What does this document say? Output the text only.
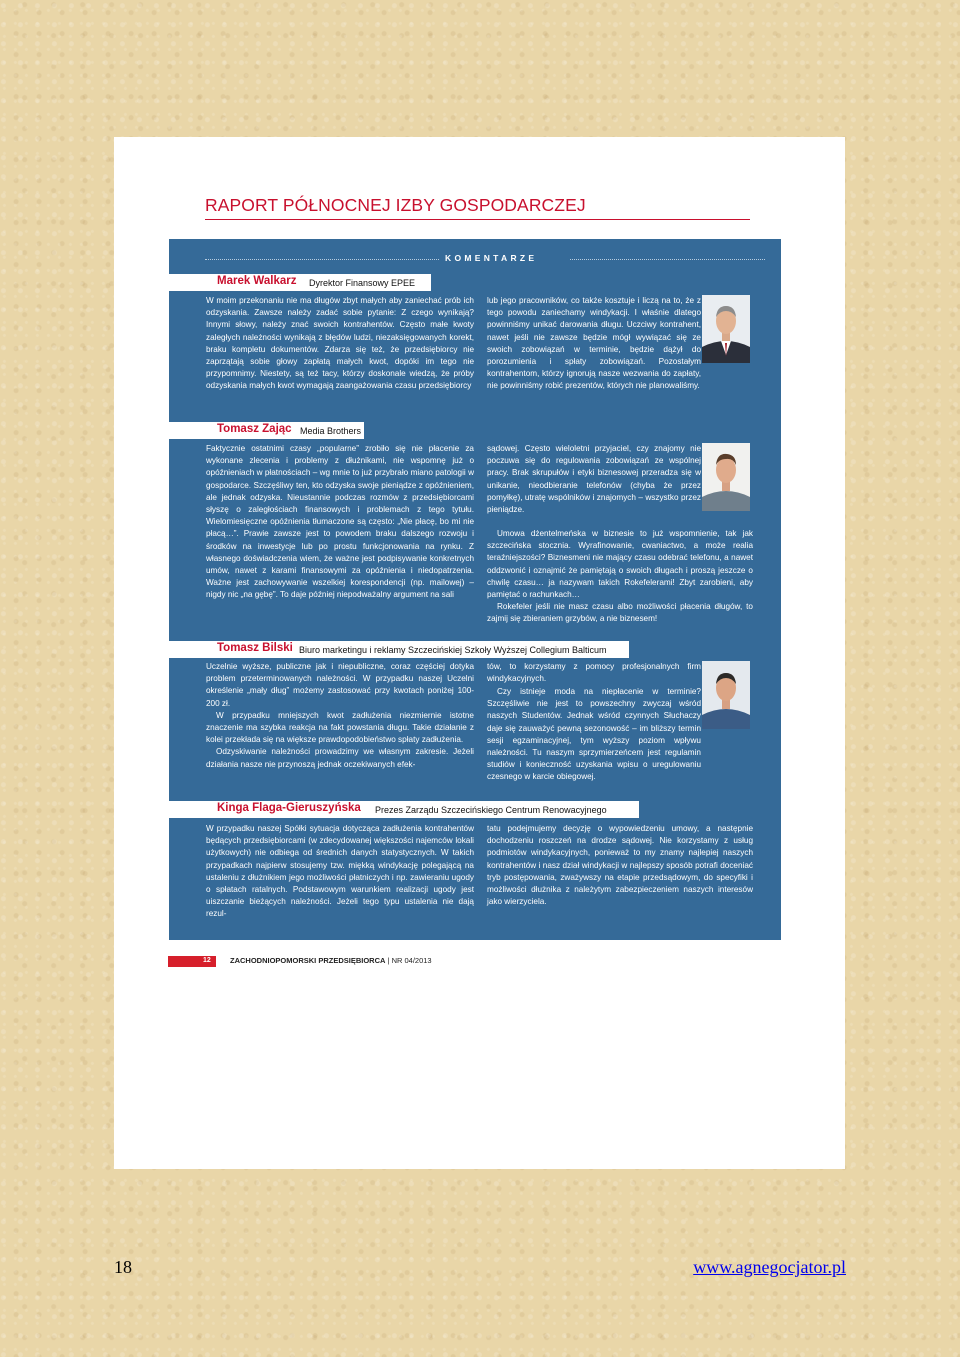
RAPORT PÓŁNOCNEJ IZBY GOSPODARCZEJ
KOMENTARZE
Marek Walkarz Dyrektor Finansowy EPEE

W moim przekonaniu nie ma długów zbyt małych aby zaniechać prób ich odzyskania. Zawsze należy zadać sobie pytanie: Z czego wynikają? Innymi słowy, należy znać swoich kontrahentów. Często małe kwoty zaległych należności wynikają z błędów ludzi, niezaksięgowanych korekt, braku kompletu dokumentów. Zdarza się też, że przedsiębiorcy nie zaprzątają sobie głowy zapłatą małych kwot, dopóki im tego nie przypomnimy. Niestety, są też tacy, którzy doskonale wiedzą, że próby odzyskania małych kwot wymagają zaangażowania czasu przedsiębiorcy

lub jego pracowników, co także kosztuje i liczą na to, że z tego powodu zaniechamy windykacji. I właśnie dlatego powinniśmy unikać darowania długu. Uczciwy kontrahent, nawet jeśli nie zawsze będzie mógł wywiązać się ze swoich zobowiązań w terminie, będzie dążył do porozumienia i spłaty zobowiązań. Pozostałym kontrahentom, którzy ignorują nasze wezwania do zapłaty, nie powinniśmy robić prezentów, których nie planowaliśmy.

Tomasz Zając Media Brothers

Faktycznie ostatnimi czasy „popularne” zrobiło się nie płacenie za wykonane zlecenia i problemy z dłużnikami, nie wspomnę już o opóźnieniach w płatnościach – wg mnie to już przybrało miano patologii w gospodarce. Szczęśliwy ten, kto odzyska swoje pieniądze z opóźnieniem, ale jednak odzyska. Nieustannie podczas rozmów z przedsiębiorcami słyszę o zaległościach finansowych i problemach z tego tytułu. Wielomiesięczne opóźnienia tłumaczone są często: „Nie płacę, bo mi nie płacą…”. Prawie zawsze jest to powodem braku dalszego rozwoju i środków na inwestycje lub po prostu funkcjonowania na rynku. Z własnego doświadczenia wiem, że ważne jest podpisywanie konkretnych umów, nawet z karami finansowymi za opóźnienia i niedopatrzenia. Ważne jest zachowywanie wszelkiej korespondencji (np. mailowej) – nigdy nic „na gębę”. To daje później niepodważalny argument na sali

sądowej. Często wieloletni przyjaciel, czy znajomy nie poczuwa się do regulowania zobowiązań ze wspólnej pracy. Brak skrupułów i etyki biznesowej przeradza się w unikanie, nieodbieranie telefonów (chyba że przez pomyłkę), utratę wspólników i znajomych – wszystko przez pieniądze.

Umowa dżentelmeńska w biznesie to już wspomnienie, tak jak szczecińska stocznia. Wyrafinowanie, cwaniactwo, a może realia teraźniejszości? Biznesmeni nie mający czasu odebrać telefonu, a nawet oddzwonić i oznajmić że pamiętają o swoich długach i proszą jeszcze o chwilę czasu… ja nazywam takich Rokefelerami! Zbyt zarobieni, aby pamiętać o rachunkach…

Rokefeler jeśli nie masz czasu albo możliwości płacenia długów, to zajmij się zbieraniem grzybów, a nie biznesem!

Tomasz Bilski Biuro marketingu i reklamy Szczecińskiej Szkoły Wyższej Collegium Balticum

Uczelnie wyższe, publiczne jak i niepubliczne, coraz częściej dotyka problem przeterminowanych należności. W przypadku naszej Uczelni określenie „mały dług” możemy zastosować przy kwotach poniżej 100-200 zł.

W przypadku mniejszych kwot zadłużenia niezmiernie istotne znaczenie ma szybka reakcja na fakt powstania długu. Takie działanie z kolei przekłada się na większe prawdopodobieństwo spłaty zadłużenia.

Odzyskiwanie należności prowadzimy we własnym zakresie. Jeżeli działania nasze nie przynoszą jednak oczekiwanych efek-

tów, to korzystamy z pomocy profesjonalnych firm windykacyjnych.

Czy istnieje moda na niepłacenie w terminie? Szczęśliwie nie jest to powszechny zwyczaj wśród naszych Studentów. Jednak wśród czynnych Słuchaczy daje się zauważyć pewną sezonowość – im bliższy termin sesji egzaminacyjnej, tym wyższy poziom wpływu należności. Tu naszym sprzymierzeńcem jest regulamin studiów i konieczność uzyskania wpisu o uregulowaniu czesnego w karcie obiegowej.

Kinga Flaga-Gieruszyńska Prezes Zarządu Szczecińskiego Centrum Renowacyjnego

W przypadku naszej Spółki sytuacja dotycząca zadłużenia kontrahentów będących przedsiębiorcami (w zdecydowanej większości najemców lokali użytkowych) nie odbiega od średnich danych statystycznych. W takich przypadkach najpierw stosujemy tzw. miękką windykację polegającą na ustaleniu z dłużnikiem jego możliwości płatniczych i np. zawieraniu ugody o spłatach ratalnych. Podstawowym warunkiem realizacji ugody jest uiszczanie bieżących należności. Jeżeli tego typu ustalenia nie dają rezul-

tatu podejmujemy decyzję o wypowiedzeniu umowy, a następnie dochodzeniu roszczeń na drodze sądowej. Nie korzystamy z usług podmiotów windykacyjnych, ponieważ to my znamy najlepiej naszych kontrahentów i nasz dział windykacji w najlepszy sposób potrafi doceniać tryb postępowania, zważywszy na etapie przedsądowym, do specyfiki i możliwości dłużnika z należytym zabezpieczeniem naszych interesów jako wierzyciela.

12	ZACHODNIOPOMORSKI PRZEDSIĘBIORCA | NR 04/2013
18	www.agnegocjator.pl
